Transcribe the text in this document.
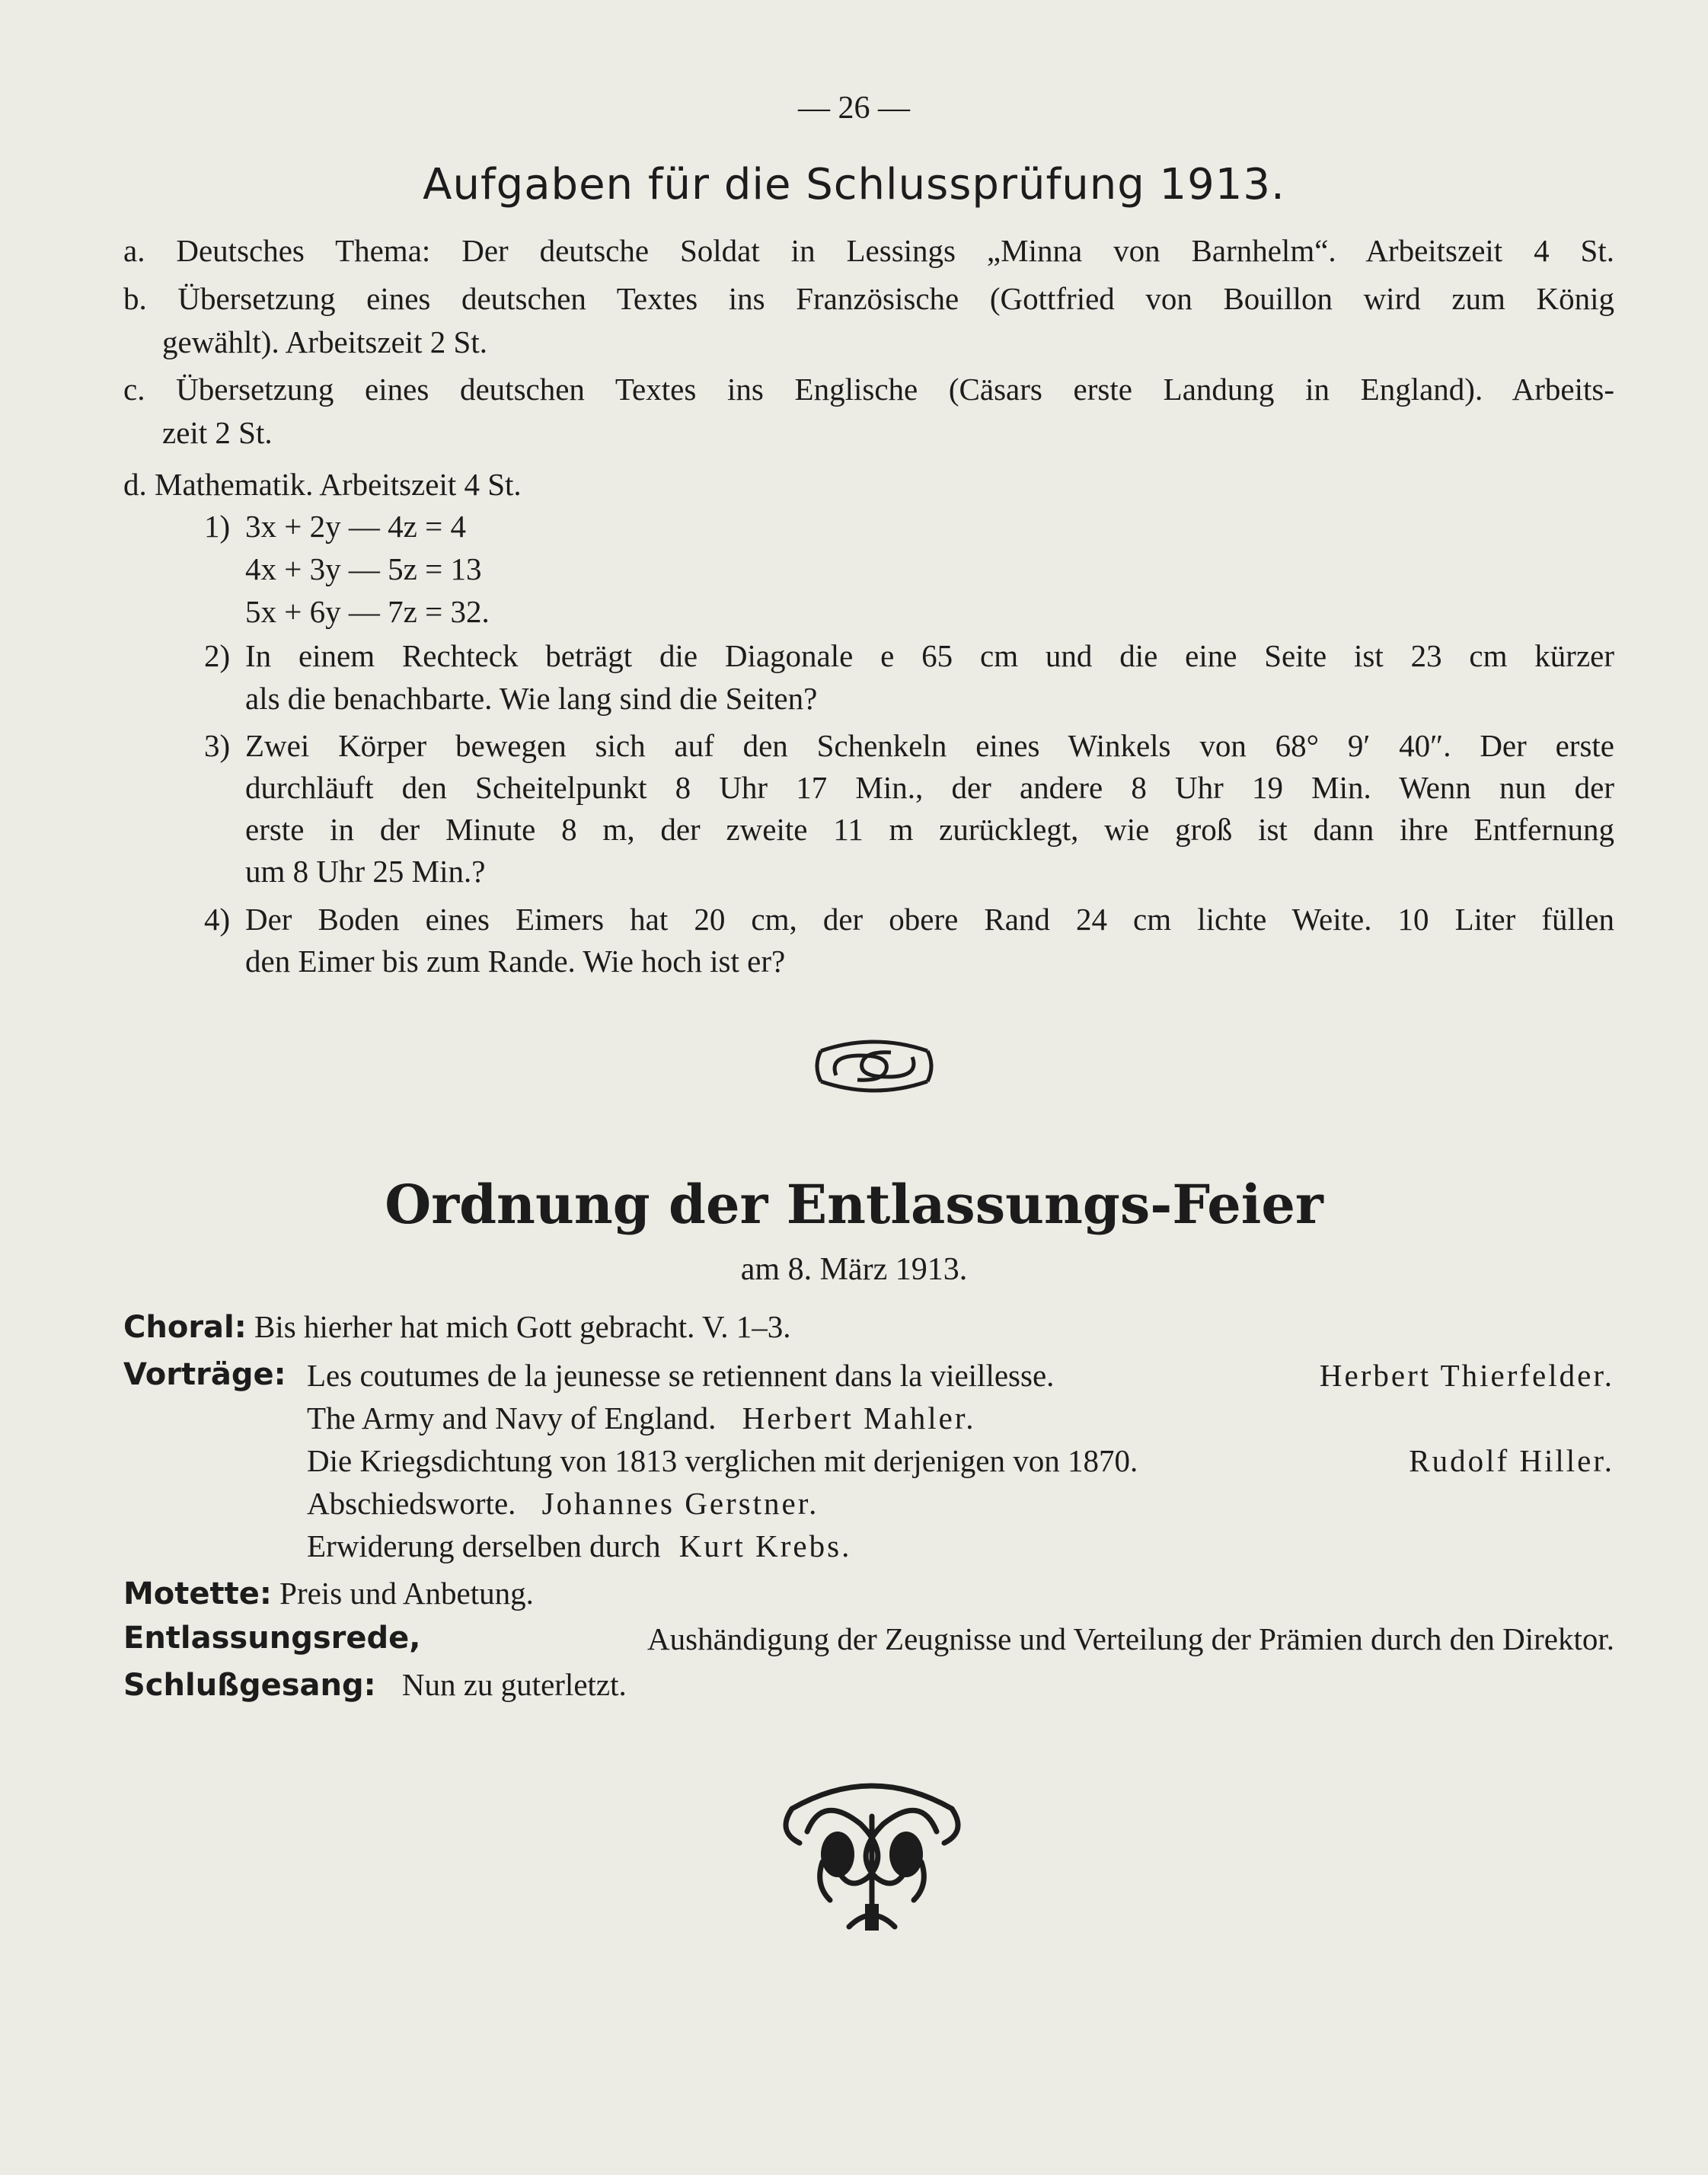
— 26 —
Aufgaben für die Schlussprüfung 1913.
a. Deutsches Thema: Der deutsche Soldat in Lessings „Minna von Barnhelm“. Arbeitszeit 4 St.
b. Übersetzung eines deutschen Textes ins Französische (Gottfried von Bouillon wird zum König
gewählt). Arbeitszeit 2 St.
c. Übersetzung eines deutschen Textes ins Englische (Cäsars erste Landung in England). Arbeits-
zeit 2 St.
d. Mathematik. Arbeitszeit 4 St.
1) 3x + 2y — 4z = 4
4x + 3y — 5z = 13
5x + 6y — 7z = 32.
2) In einem Rechteck beträgt die Diagonale e 65 cm und die eine Seite ist 23 cm kürzer
als die benachbarte. Wie lang sind die Seiten?
3) Zwei Körper bewegen sich auf den Schenkeln eines Winkels von 68° 9′ 40″. Der erste
durchläuft den Scheitelpunkt 8 Uhr 17 Min., der andere 8 Uhr 19 Min. Wenn nun der
erste in der Minute 8 m, der zweite 11 m zurücklegt, wie groß ist dann ihre Entfernung
um 8 Uhr 25 Min.?
4) Der Boden eines Eimers hat 20 cm, der obere Rand 24 cm lichte Weite. 10 Liter füllen
den Eimer bis zum Rande. Wie hoch ist er?
Ordnung der Entlassungs-Feier
am 8. März 1913.
Choral: Bis hierher hat mich Gott gebracht. V. 1–3.
Vorträge: Les coutumes de la jeunesse se retiennent dans la vieillesse.	Herbert Thierfelder.
The Army and Navy of England. Herbert Mahler.
Die Kriegsdichtung von 1813 verglichen mit derjenigen von 1870.	Rudolf Hiller.
Abschiedsworte. Johannes Gerstner.
Erwiderung derselben durch Kurt Krebs.
Motette: Preis und Anbetung.
Entlassungsrede,	Aushändigung der Zeugnisse und Verteilung der Prämien durch den Direktor.
Schlußgesang: Nun zu guterletzt.
